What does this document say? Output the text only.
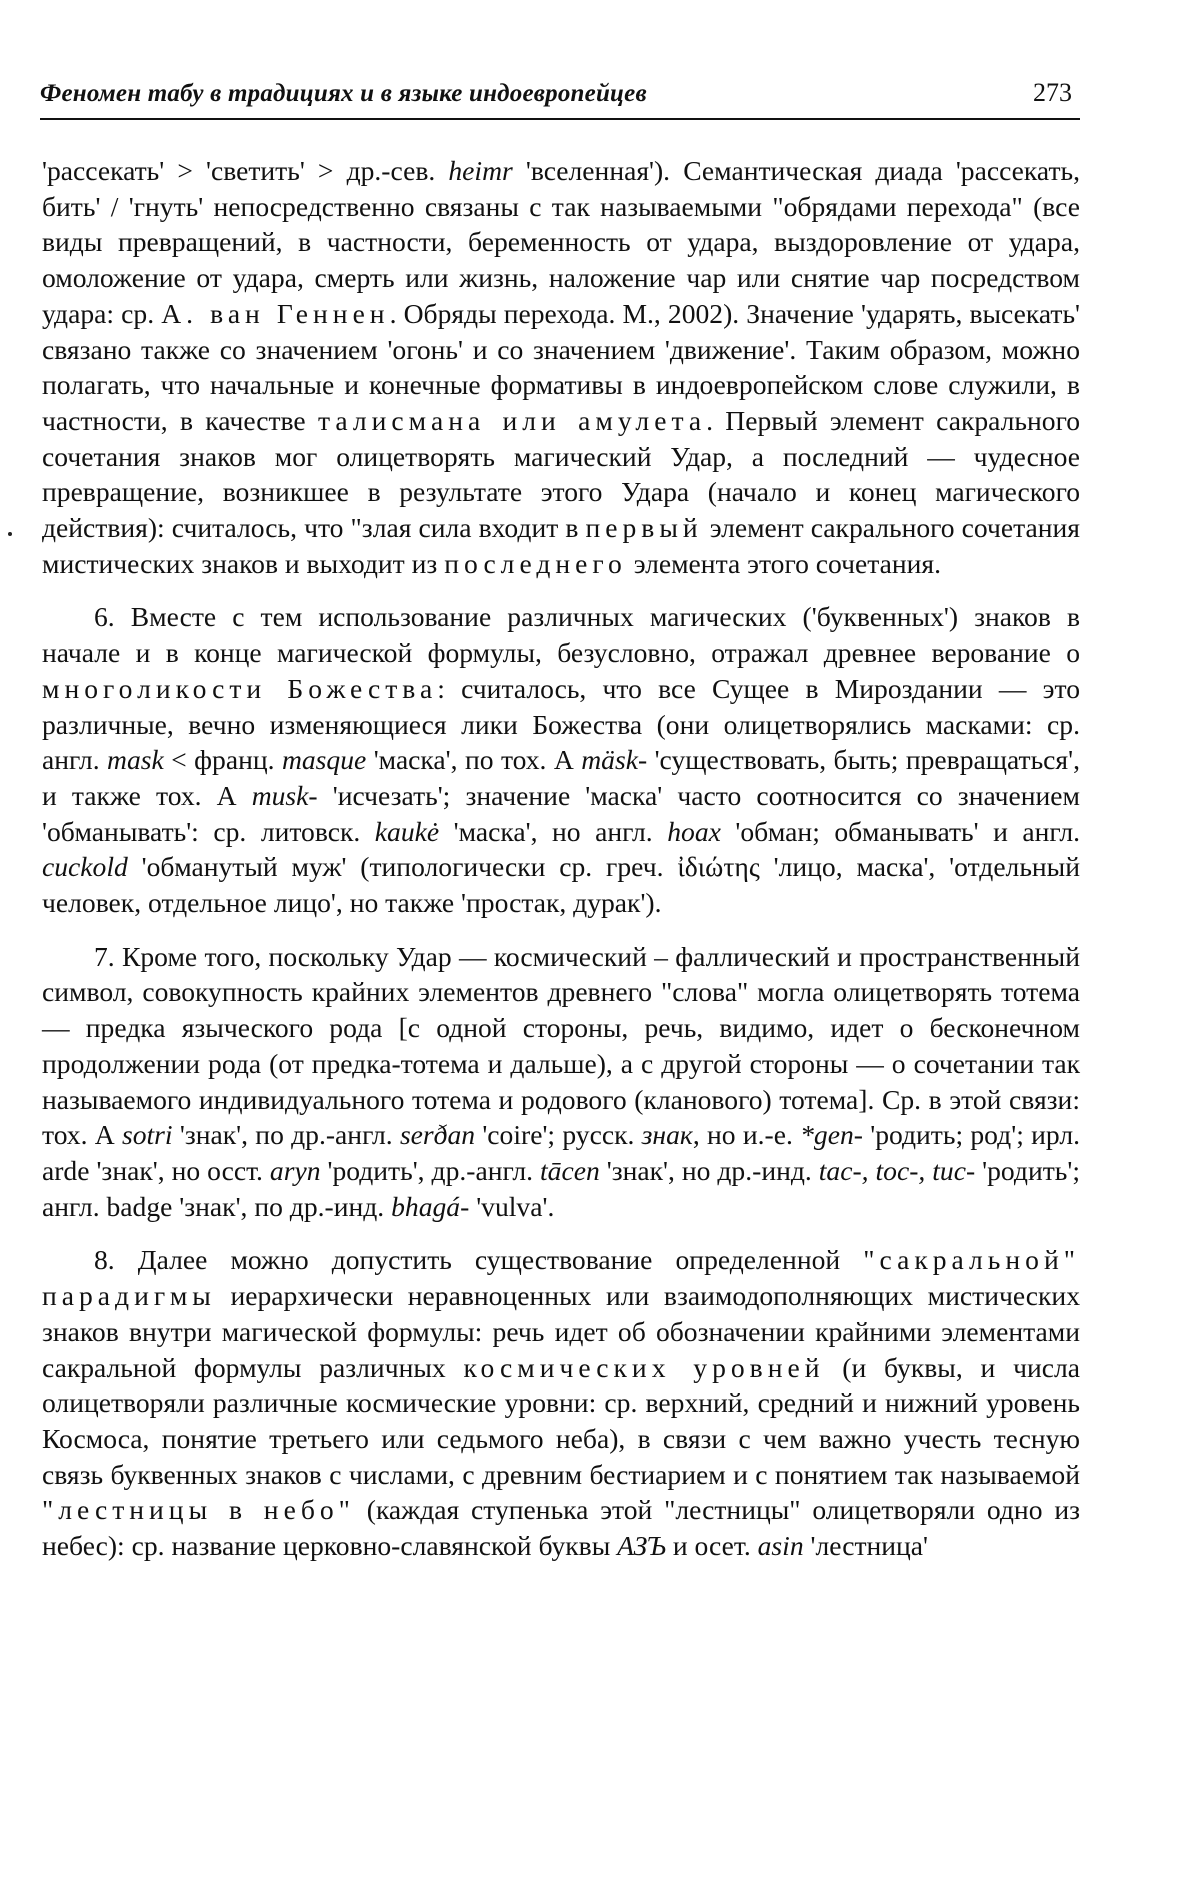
Феномен табу в традициях и в языке индоевропейцев	273

'рассекать' > 'светить' > др.-сев. heimr 'вселенная'). Семантическая диада 'рассекать, бить' / 'гнуть' непосредственно связаны с так называемыми "обрядами перехода" (все виды превращений, в частности, беременность от удара, выздоровление от удара, омоложение от удара, смерть или жизнь, наложение чар или снятие чар посредством удара: ср. А. ван Геннен. Обряды перехода. М., 2002). Значение 'ударять, высекать' связано также со значением 'огонь' и со значением 'движение'. Таким образом, можно полагать, что начальные и конечные формативы в индоевропейском слове служили, в частности, в качестве талисмана или амулета. Первый элемент сакрального сочетания знаков мог олицетворять магический Удар, а последний — чудесное превращение, возникшее в результате этого Удара (начало и конец магического действия): считалось, что "злая сила входит в первый элемент сакрального сочетания мистических знаков и выходит из последнего элемента этого сочетания.

6. Вместе с тем использование различных магических ('буквенных') знаков в начале и в конце магической формулы, безусловно, отражал древнее верование о многоликости Божества: считалось, что все Сущее в Мироздании — это различные, вечно изменяющиеся лики Божества (они олицетворялись масками: ср. англ. mask < франц. masque 'маска', по тох. А mäsk- 'существовать, быть; превращаться', и также тох. А musk- 'исчезать'; значение 'маска' часто соотносится со значением 'обманывать': ср. литовск. kaukė 'маска', но англ. hoax 'обман; обманывать' и англ. cuckold 'обманутый муж' (типологически ср. греч. ἰδιώτης 'лицо, маска', 'отдельный человек, отдельное лицо', но также 'простак, дурак').

7. Кроме того, поскольку Удар — космический – фаллический и пространственный символ, совокупность крайних элементов древнего "слова" могла олицетворять тотема — предка языческого рода [с одной стороны, речь, видимо, идет о бесконечном продолжении рода (от предка-тотема и дальше), а с другой стороны — о сочетании так называемого индивидуального тотема и родового (кланового) тотема]. Ср. в этой связи: тох. А sotri 'знак', по др.-англ. serðan 'coire'; русск. знак, но и.-е. *gen- 'родить; род'; ирл. arde 'знак', но осст. aryn 'родить', др.-англ. tācen 'знак', но др.-инд. tac-, toc-, tuc- 'родить'; англ. badge 'знак', по др.-инд. bhagá- 'vulva'.

8. Далее можно допустить существование определенной "сакральной" парадигмы иерархически неравноценных или взаимодополняющих мистических знаков внутри магической формулы: речь идет об обозначении крайними элементами сакральной формулы различных космических уровней (и буквы, и числа олицетворяли различные космические уровни: ср. верхний, средний и нижний уровень Космоса, понятие третьего или седьмого неба), в связи с чем важно учесть тесную связь буквенных знаков с числами, с древним бестиарием и с понятием так называемой "лестницы в небо" (каждая ступенька этой "лестницы" олицетворяли одно из небес): ср. название церковно-славянской буквы АЗЪ и осет. asin 'лестница'
